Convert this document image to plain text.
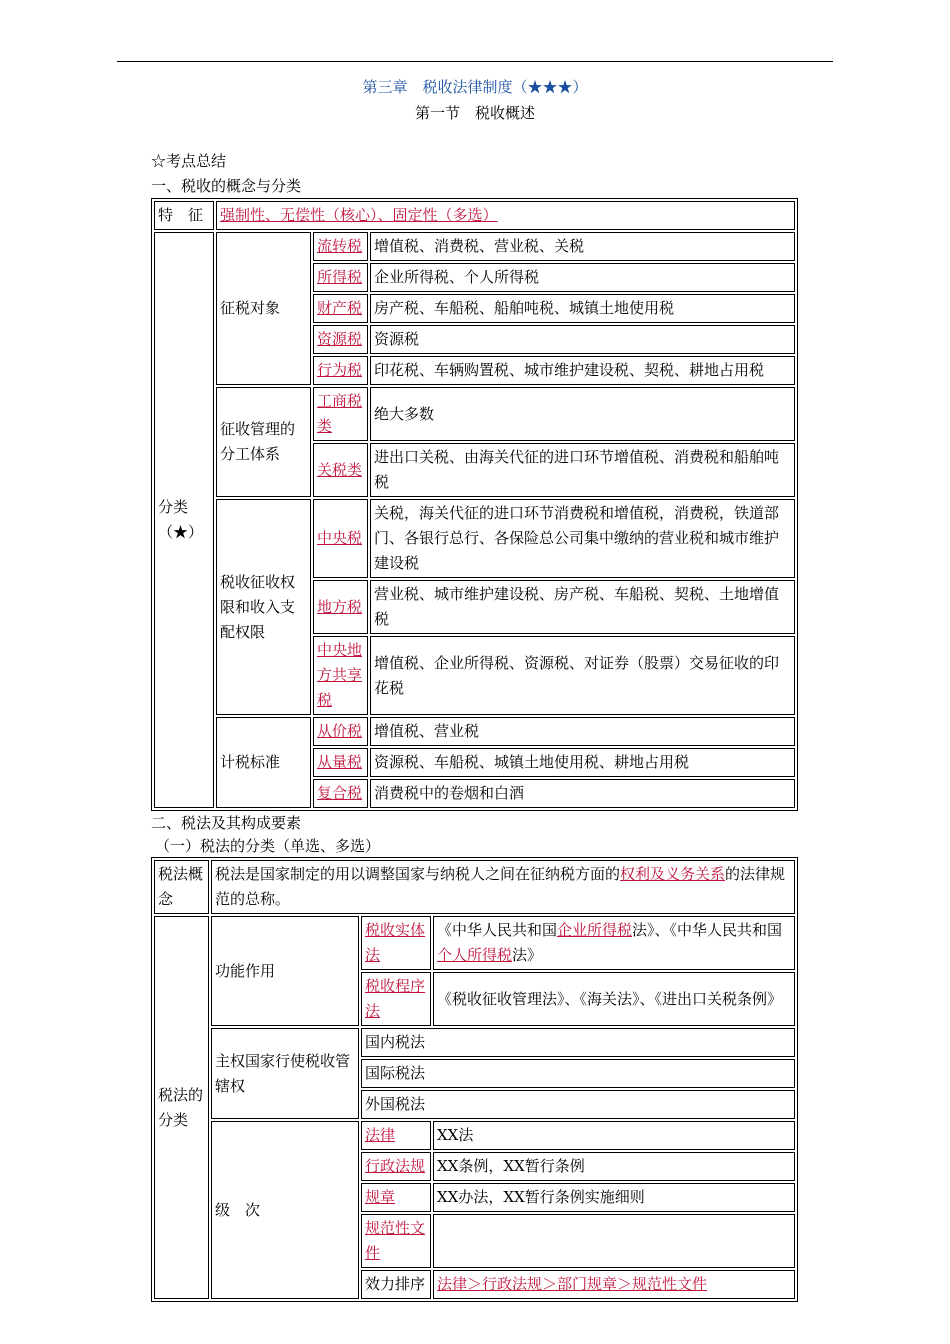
第三章　税收法律制度（★★★）
第一节　税收概述
☆考点总结
一、税收的概念与分类
特　征	强制性、无偿性（核心）、固定性（多选）		
分类（★）	征税对象	流转税	增值税、消费税、营业税、关税
		所得税	企业所得税、个人所得税
		财产税	房产税、车船税、船舶吨税、城镇土地使用税
		资源税	资源税
		行为税	印花税、车辆购置税、城市维护建设税、契税、耕地占用税
	征收管理的分工体系	工商税类	绝大多数
		关税类	进出口关税、由海关代征的进口环节增值税、消费税和船舶吨税
	税收征收权限和收入支配权限	中央税	关税，海关代征的进口环节消费税和增值税，消费税，铁道部门、各银行总行、各保险总公司集中缴纳的营业税和城市维护建设税
		地方税	营业税、城市维护建设税、房产税、车船税、契税、土地增值税
		中央地方共享税	增值税、企业所得税、资源税、对证券（股票）交易征收的印花税
	计税标准	从价税	增值税、营业税
		从量税	资源税、车船税、城镇土地使用税、耕地占用税
		复合税	消费税中的卷烟和白酒
二、税法及其构成要素
（一）税法的分类（单选、多选）
税法概念	税法是国家制定的用以调整国家与纳税人之间在征纳税方面的权利及义务关系的法律规范的总称。		
税法的分类	功能作用	税收实体法	《中华人民共和国企业所得税法》、《中华人民共和国个人所得税法》
		税收程序法	《税收征收管理法》、《海关法》、《进出口关税条例》
	主权国家行使税收管辖权	国内税法	
		国际税法	
		外国税法	
	级　次	法律	XX法
		行政法规	XX条例，XX暂行条例
		规章	XX办法，XX暂行条例实施细则
		规范性文件	
		效力排序	法律＞行政法规＞部门规章＞规范性文件
